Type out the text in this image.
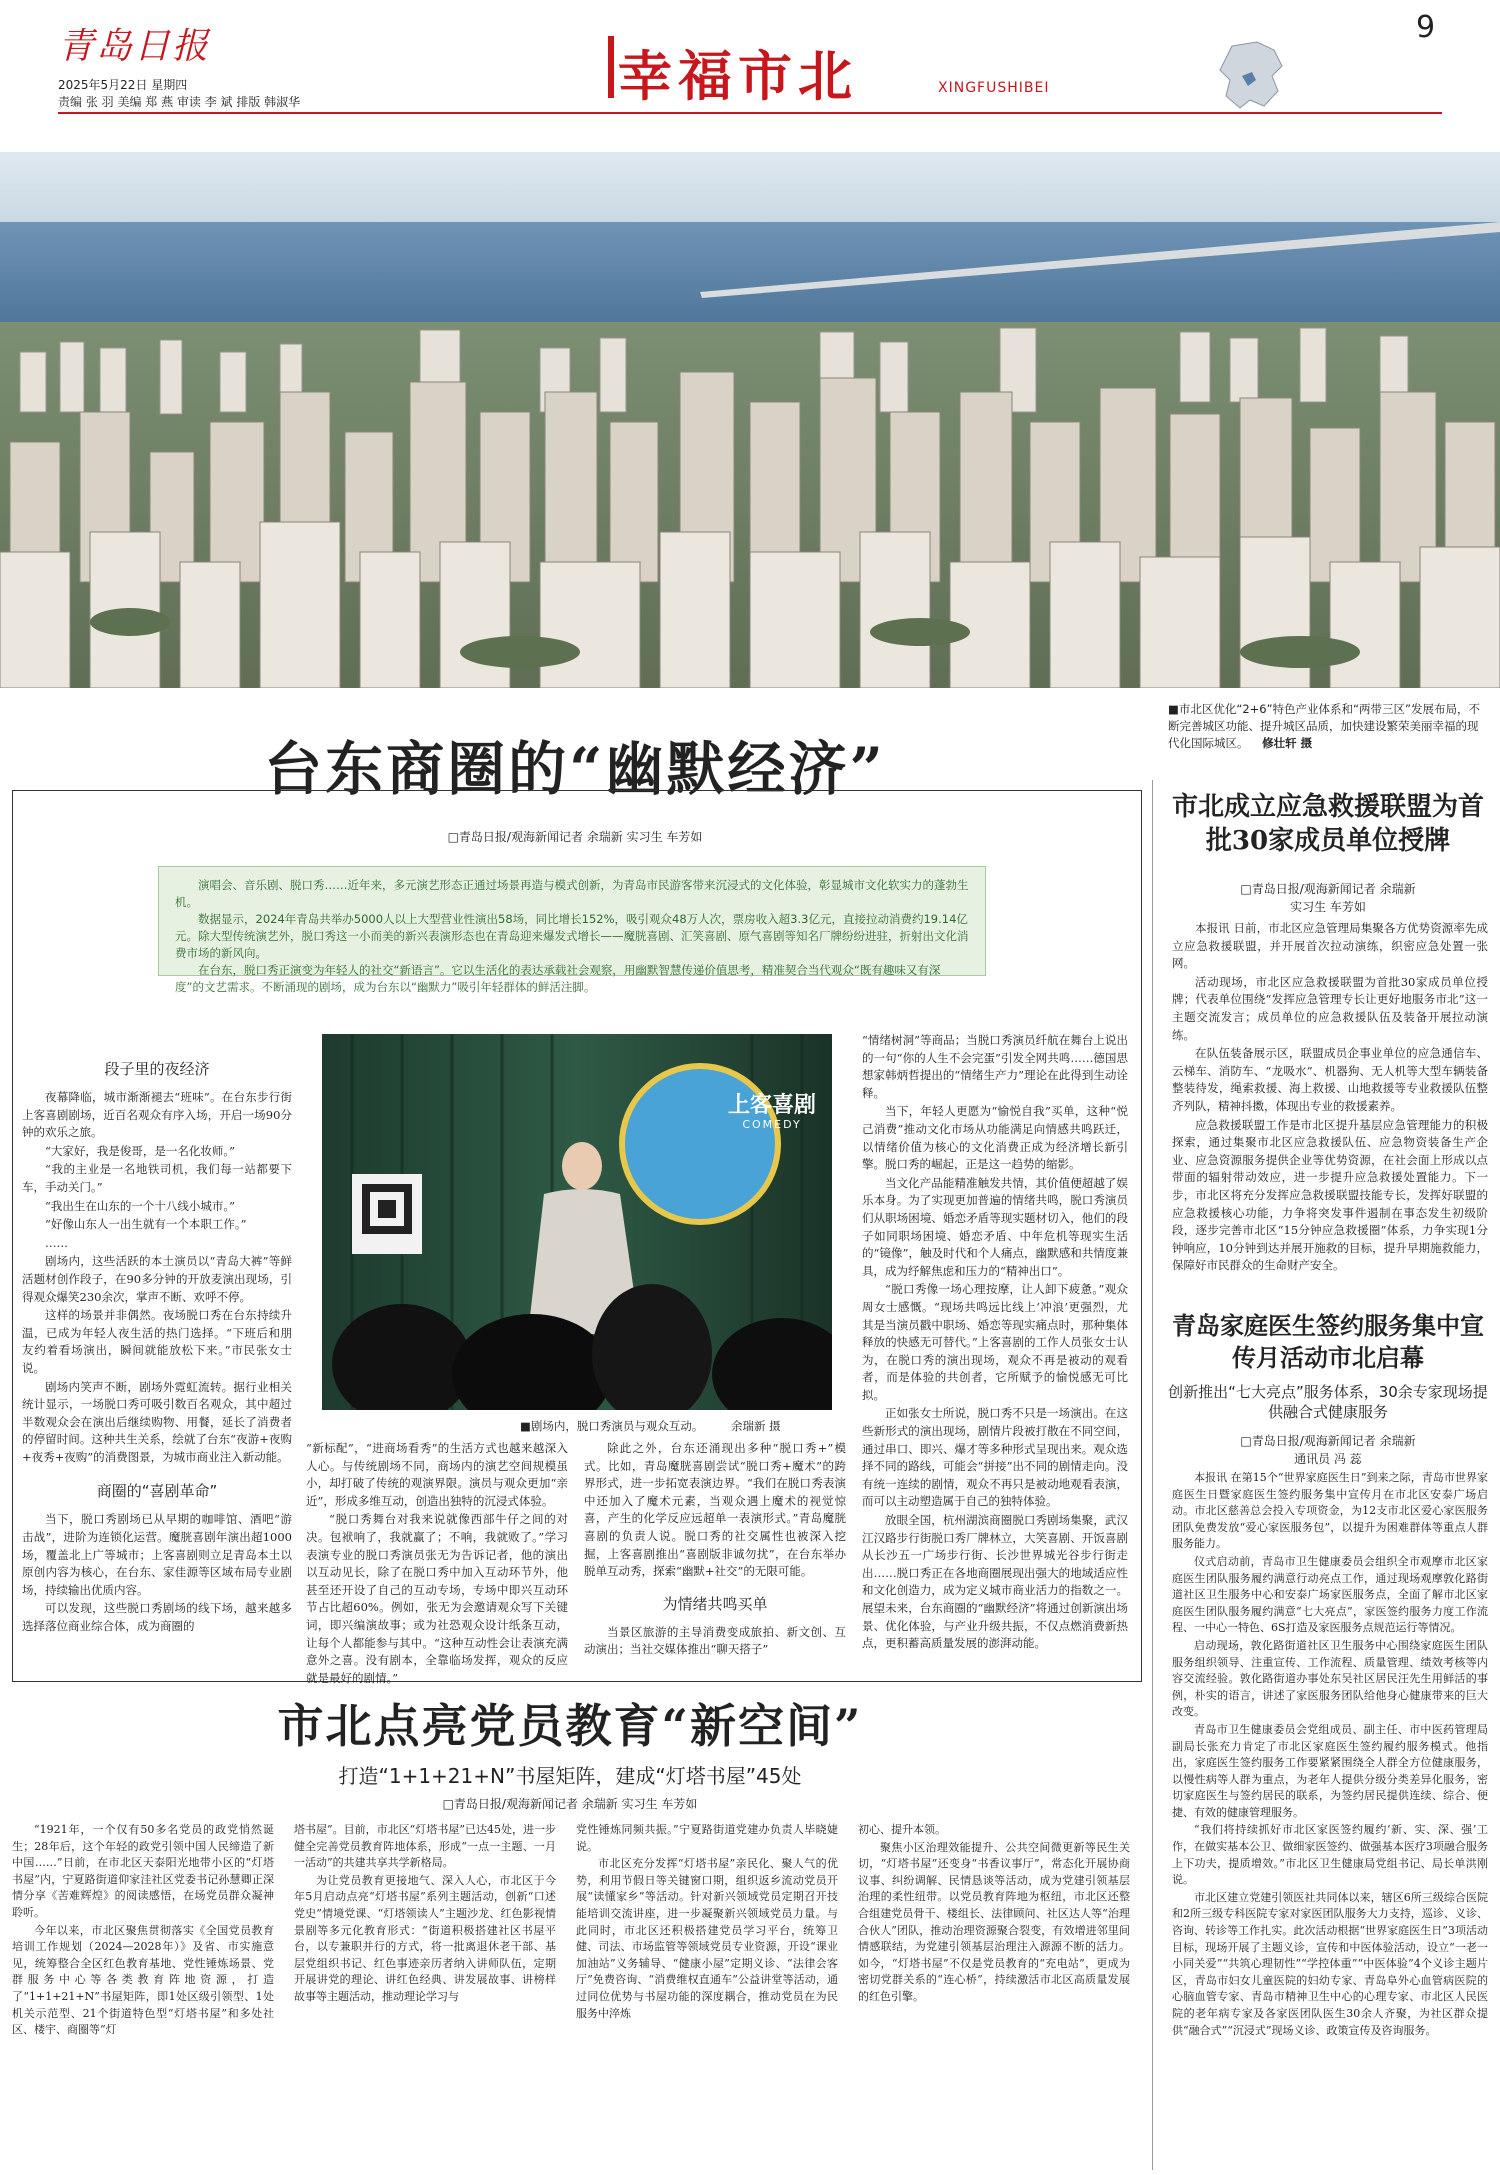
青岛日报
2025年5月22日 星期四
责编 张 羽 美编 郑 燕 审读 李 斌 排版 韩淑华	幸福市北	XINGFUSHIBEI
9
■市北区优化“2+6”特色产业体系和“两带三区”发展布局，不断完善城区功能、提升城区品质，加快建设繁荣美丽幸福的现代化国际城区。 修壮轩 摄
台东商圈的“幽默经济”
□青岛日报/观海新闻记者 余瑞新 实习生 车芳如

演唱会、音乐剧、脱口秀……近年来，多元演艺形态正通过场景再造与模式创新，为青岛市民游客带来沉浸式的文化体验，彰显城市文化软实力的蓬勃生机。

数据显示，2024年青岛共举办5000人以上大型营业性演出58场，同比增长152%，吸引观众48万人次，票房收入超3.3亿元，直接拉动消费约19.14亿元。除大型传统演艺外，脱口秀这一小而美的新兴表演形态也在青岛迎来爆发式增长——魔胱喜剧、汇笑喜剧、原气喜剧等知名厂牌纷纷进驻，折射出文化消费市场的新风向。

在台东，脱口秀正演变为年轻人的社交“新语言”。它以生活化的表达承载社会观察，用幽默智慧传递价值思考，精准契合当代观众“既有趣味又有深度”的文艺需求。不断涌现的剧场，成为台东以“幽默力”吸引年轻群体的鲜活注脚。

段子里的夜经济

夜幕降临，城市渐渐褪去“班味”。在台东步行街上客喜剧剧场，近百名观众有序入场，开启一场90分钟的欢乐之旅。

“大家好，我是俊哥，是一名化妆师。”

“我的主业是一名地铁司机，我们每一站都要下车，手动关门。”

“我出生在山东的一个十八线小城市。”

“好像山东人一出生就有一个本职工作。”

……

剧场内，这些活跃的本土演员以“青岛大裤”等鲜活题材创作段子，在90多分钟的开放麦演出现场，引得观众爆笑230余次，掌声不断、欢呼不停。

这样的场景并非偶然。夜场脱口秀在台东持续升温，已成为年轻人夜生活的热门选择。“下班后和朋友约着看场演出，瞬间就能放松下来。”市民张女士说。

剧场内笑声不断，剧场外霓虹流转。据行业相关统计显示，一场脱口秀可吸引数百名观众，其中超过半数观众会在演出后继续购物、用餐，延长了消费者的停留时间。这种共生关系，绘就了台东“夜游+夜购+夜秀+夜购”的消费图景，为城市商业注入新动能。

商圈的“喜剧革命”

当下，脱口秀剧场已从早期的咖啡馆、酒吧“游击战”，进阶为连锁化运营。魔胱喜剧年演出超1000场，覆盖北上广等城市；上客喜剧则立足青岛本土以原创内容为核心，在台东、家佳源等区域布局专业剧场，持续输出优质内容。

可以发现，这些脱口秀剧场的线下场，越来越多选择落位商业综合体，成为商圈的

上客喜剧
COMEDY
■剧场内，脱口秀演员与观众互动。 余瑞新 摄

“新标配”，“进商场看秀”的生活方式也越来越深入人心。与传统剧场不同，商场内的演艺空间规模虽小，却打破了传统的观演界限。演员与观众更加“亲近”，形成多维互动，创造出独特的沉浸式体验。

“脱口秀舞台对我来说就像西部牛仔之间的对决。包袱响了，我就赢了；不响，我就败了。”学习表演专业的脱口秀演员张无为告诉记者，他的演出以互动见长，除了在脱口秀中加入互动环节外，他甚至还开设了自己的互动专场，专场中即兴互动环节占比超60%。例如，张无为会邀请观众写下关键词，即兴编演故事；或为社恐观众设计纸条互动，让每个人都能参与其中。“这种互动性会让表演充满意外之喜。没有剧本，全靠临场发挥，观众的反应就是最好的剧情。”

除此之外，台东还涌现出多种“脱口秀+”模式。比如，青岛魔胱喜剧尝试“脱口秀+魔术”的跨界形式，进一步拓宽表演边界。“我们在脱口秀表演中还加入了魔术元素，当观众遇上魔术的视觉惊喜，产生的化学反应远超单一表演形式。”青岛魔胱喜剧的负责人说。脱口秀的社交属性也被深入挖掘，上客喜剧推出“喜剧版非诚勿扰”，在台东举办脱单互动秀，探索“幽默+社交”的无限可能。

为情绪共鸣买单

当景区旅游的主导消费变成旅拍、新文创、互动演出；当社交媒体推出“聊天搭子”

“情绪树洞”等商品；当脱口秀演员纤航在舞台上说出的一句“你的人生不会完蛋”引发全网共鸣……德国思想家韩炳哲提出的“情绪生产力”理论在此得到生动诠释。

当下，年轻人更愿为“愉悦自我”买单，这种“悦己消费”推动文化市场从功能满足向情感共鸣跃迁，以情绪价值为核心的文化消费正成为经济增长新引擎。脱口秀的崛起，正是这一趋势的缩影。

当文化产品能精准触发共情，其价值便超越了娱乐本身。为了实现更加普遍的情绪共鸣，脱口秀演员们从职场困境、婚恋矛盾等现实题材切入，他们的段子如同职场困境、婚恋矛盾、中年危机等现实生活的“镜像”，触及时代和个人痛点，幽默感和共情度兼具，成为纾解焦虑和压力的“精神出口”。

“脱口秀像一场心理按摩，让人卸下疲惫。”观众周女士感慨。“现场共鸣远比线上‘冲浪’更强烈，尤其是当演员戳中职场、婚恋等现实痛点时，那种集体释放的快感无可替代。”上客喜剧的工作人员张女士认为，在脱口秀的演出现场，观众不再是被动的观看者，而是体验的共创者，它所赋予的愉悦感无可比拟。

正如张女士所说，脱口秀不只是一场演出。在这些新形式的演出现场，剧情片段被打散在不同空间，通过串口、即兴、爆才等多种形式呈现出来。观众选择不同的路线，可能会“拼接”出不同的剧情走向。没有统一连续的剧情，观众不再只是被动地观看表演，而可以主动塑造属于自己的独特体验。

放眼全国，杭州湖滨商圈脱口秀剧场集聚，武汉江汉路步行街脱口秀厂牌林立，大笑喜剧、开饭喜剧从长沙五一广场步行街、长沙世界城光谷步行街走出……脱口秀正在各地商圈展现出强大的地域适应性和文化创造力，成为定义城市商业活力的指数之一。展望未来，台东商圈的“幽默经济”将通过创新演出场景、优化体验，与产业升级共振，不仅点燃消费新热点，更积蓄高质量发展的澎湃动能。

市北成立应急救援联盟为首批30家成员单位授牌
□青岛日报/观海新闻记者 余瑞新
实习生 车芳如

本报讯 日前，市北区应急管理局集聚各方优势资源率先成立应急救援联盟，并开展首次拉动演练，织密应急处置一张网。

活动现场，市北区应急救援联盟为首批30家成员单位授牌；代表单位围绕“发挥应急管理专长让更好地服务市北”这一主题交流发言；成员单位的应急救援队伍及装备开展拉动演练。

在队伍装备展示区，联盟成员企事业单位的应急通信车、云梯车、消防车、“龙吸水”、机器狗、无人机等大型车辆装备整装待发，绳索救援、海上救援、山地救援等专业救援队伍整齐列队，精神抖擞，体现出专业的救援素养。

应急救援联盟工作是市北区提升基层应急管理能力的积极探索，通过集聚市北区应急救援队伍、应急物资装备生产企业、应急资源服务提供企业等优势资源，在社会面上形成以点带面的辐射带动效应，进一步提升应急救援处置能力。下一步，市北区将充分发挥应急救援联盟技能专长，发挥好联盟的应急救援核心功能，力争将突发事件遏制在事态发生初级阶段，逐步完善市北区“15分钟应急救援圈”体系，力争实现1分钟响应，10分钟到达并展开施救的目标，提升早期施救能力，保障好市民群众的生命财产安全。

青岛家庭医生签约服务集中宣传月活动市北启幕
创新推出“七大亮点”服务体系，30余专家现场提供融合式健康服务
□青岛日报/观海新闻记者 余瑞新
通讯员 冯 蕊

本报讯 在第15个“世界家庭医生日”到来之际，青岛市世界家庭医生日暨家庭医生签约服务集中宣传月在市北区安泰广场启动。市北区慈善总会投入专项资金，为12支市北区爱心家医服务团队免费发放“爱心家医服务包”，以提升为困难群体等重点人群服务能力。

仪式启动前，青岛市卫生健康委员会组织全市观摩市北区家庭医生团队服务履约满意行动亮点工作，通过现场观摩敦化路街道社区卫生服务中心和安泰广场家医服务点，全面了解市北区家庭医生团队服务履约满意“七大亮点”，家医签约服务力度工作流程、一中心一特色、6S打造及家医服务点规范运行等情况。

启动现场，敦化路街道社区卫生服务中心围绕家庭医生团队服务组织领导、注重宣传、工作流程、质量管理、绩效考核等内容交流经验。敦化路街道办事处东吴社区居民汪先生用鲜活的事例，朴实的语言，讲述了家医服务团队给他身心健康带来的巨大改变。

青岛市卫生健康委员会党组成员、副主任、市中医药管理局副局长张充力肯定了市北区家庭医生签约履约服务模式。他指出，家庭医生签约服务工作要紧紧围绕全人群全方位健康服务，以慢性病等人群为重点，为老年人提供分级分类差异化服务，密切家庭医生与签约居民的联系，为签约居民提供连续、综合、便捷、有效的健康管理服务。

“我们将持续抓好市北区家医签约履约‘新、实、深、强’工作，在做实基本公卫、做细家医签约、做强基本医疗3项融合服务上下功夫，提质增效。”市北区卫生健康局党组书记、局长单洪刚说。

市北区建立党建引领医社共同体以来，辖区6所三级综合医院和2所三级专科医院专家对家医团队服务大力支持，巡诊、义诊、咨询、转诊等工作扎实。此次活动根据“世界家庭医生日”3项活动目标，现场开展了主题义诊，宣传和中医体验活动，设立“一老一小同关爱”“共筑心理韧性”“学控体重”“中医体验”4个义诊主题片区，青岛市妇女儿童医院的妇幼专家、青岛阜外心血管病医院的心脑血管专家、青岛市精神卫生中心的心理专家、市北区人民医院的老年病专家及各家医团队医生30余人齐聚，为社区群众提供“融合式”“沉浸式”现场义诊、政策宣传及咨询服务。

市北点亮党员教育“新空间”
打造“1+1+21+N”书屋矩阵，建成“灯塔书屋”45处
□青岛日报/观海新闻记者 余瑞新 实习生 车芳如

“1921年，一个仅有50多名党员的政党悄然诞生；28年后，这个年轻的政党引领中国人民缔造了新中国……”日前，在市北区天泰阳光地带小区的“灯塔书屋”内，宁夏路街道仰家洼社区党委书记孙慧卿正深情分享《苦难辉煌》的阅读感悟，在场党员群众凝神聆听。

今年以来，市北区聚焦贯彻落实《全国党员教育培训工作规划（2024—2028年）》及省、市实施意见，统筹整合全区红色教育基地、党性锤炼场景、党群服务中心等各类教育阵地资源，打造了“1+1+21+N”书屋矩阵，即1处区级引领型、1处机关示范型、21个街道特色型“灯塔书屋”和多处社区、楼宇、商圈等“灯

塔书屋”。目前，市北区“灯塔书屋”已达45处，进一步健全完善党员教育阵地体系，形成“一点一主题、一月一活动”的共建共享共学新格局。

为让党员教育更接地气、深入人心，市北区于今年5月启动点亮“灯塔书屋”系列主题活动，创新“口述党史”情境党课、“灯塔领读人”主题沙龙、红色影视情景剧等多元化教育形式：“街道积极搭建社区书屋平台，以专兼职并行的方式，将一批离退休老干部、基层党组织书记、红色事迹亲历者纳入讲师队伍，定期开展讲党的理论、讲红色经典、讲发展故事、讲榜样故事等主题活动，推动理论学习与

党性锤炼同频共振。”宁夏路街道党建办负责人毕晓婕说。

市北区充分发挥“灯塔书屋”亲民化、聚人气的优势，利用节假日等关键窗口期，组织返乡流动党员开展“读懂家乡”等活动。针对新兴领域党员定期召开技能培训交流讲座，进一步凝聚新兴领域党员力量。与此同时，市北区还积极搭建党员学习平台，统筹卫健、司法、市场监管等领域党员专业资源，开设“课业加油站”义务辅导、“健康小屋”定期义诊、“法律会客厅”免费咨询、“消费维权直通车”公益讲堂等活动，通过同位优势与书屋功能的深度耦合，推动党员在为民服务中淬炼

初心、提升本领。

聚焦小区治理效能提升、公共空间微更新等民生关切，“灯塔书屋”还变身“书香议事厅”，常态化开展协商议事、纠纷调解、民情恳谈等活动，成为党建引领基层治理的柔性纽带。以党员教育阵地为枢纽，市北区还整合组建党员骨干、楼组长、法律顾问、社区达人等“治理合伙人”团队，推动治理资源聚合裂变，有效增进邻里间情感联结，为党建引领基层治理注入源源不断的活力。如今，“灯塔书屋”不仅是党员教育的“充电站”，更成为密切党群关系的“连心桥”，持续激活市北区高质量发展的红色引擎。
